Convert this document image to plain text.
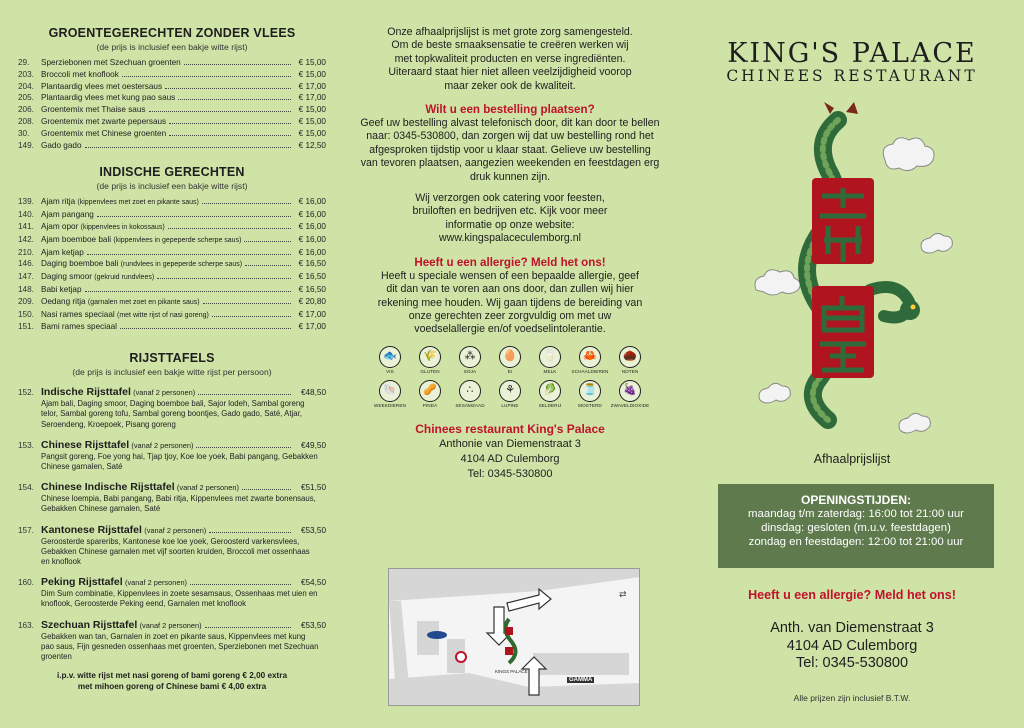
GROENTEGERECHTEN ZONDER VLEES
(de prijs is inclusief een bakje witte rijst)
29.	Sperziebonen met Szechuan groenten	€ 15,00
203. Broccoli met knoflook	€ 15,00
204. Plantaardig vlees met oestersaus	€ 17,00
205. Plantaardig vlees met kung pao saus	€ 17,00
206. Groentemix met Thaise saus	€ 15,00
208. Groentemix met zwarte pepersaus	€ 15,00
30.	Groentemix met Chinese groenten	€ 15,00
149. Gado gado	€ 12,50
INDISCHE GERECHTEN
(de prijs is inclusief een bakje witte rijst)
139. Ajam ritja (kippenvlees met zoet en pikante saus)	€ 16,00
140. Ajam pangang	€ 16,00
141. Ajam opor (kippenvlees in kokossaus)	€ 16,00
142. Ajam boemboe bali (kippenvlees in gepeperde scherpe saus)	€ 16,00
210. Ajam ketjap	€ 16,00
146. Daging boemboe bali (rundvlees in gepeperde scherpe saus)	€ 16,50
147. Daging smoor (gekruid rundvlees)	€ 16,50
148. Babi ketjap	€ 16,50
209. Oedang ritja (garnalen met zoet en pikante saus)	€ 20,80
150. Nasi rames speciaal (met witte rijst of nasi goreng)	€ 17,00
151. Bami rames speciaal	€ 17,00
RIJSTTAFELS
(de prijs is inclusief een bakje witte rijst per persoon)
152. Indische Rijsttafel (vanaf 2 personen)	€48,50
Ajam bali, Daging smoor, Daging boemboe bali, Sajor lodeh, Sambal goreng telor, Sambal goreng tofu, Sambal goreng boontjes, Gado gado, Saté, Atjar, Seroendeng, Kroepoek, Pisang goreng
153. Chinese Rijsttafel (vanaf 2 personen)	€49,50
Pangsit goreng, Foe yong hai, Tjap tjoy, Koe loe yoek, Babi pangang, Gebakken Chinese garnalen, Saté
154. Chinese Indische Rijsttafel (vanaf 2 personen)	€51,50
Chinese loempia, Babi pangang, Babi ritja, Kippenvlees met zwarte bonensaus, Gebakken Chinese garnalen, Saté
157. Kantonese Rijsttafel (vanaf 2 personen)	€53,50
Geroosterde spareribs, Kantonese koe loe yoek, Geroosterd varkensvlees, Gebakken Chinese garnalen met vijf soorten kruiden, Broccoli met ossenhaas en knoflook
160. Peking Rijsttafel (vanaf 2 personen)	€54,50
Dim Sum combinatie, Kippenvlees in zoete sesamsaus, Ossenhaas met uien en knoflook, Geroosterde Peking eend, Garnalen met knoflook
163. Szechuan Rijsttafel (vanaf 2 personen)	€53,50
Gebakken wan tan, Garnalen in zoet en pikante saus, Kippenvlees met kung pao saus, Fijn gesneden ossenhaas met groenten, Sperziebonen met Szechuan groenten
i.p.v. witte rijst met nasi goreng of bami goreng € 2,00 extra
met mihoen goreng of Chinese bami € 4,00 extra
Onze afhaalprijslijst is met grote zorg samengesteld. Om de beste smaaksensatie te creëren werken wij met topkwaliteit producten en verse ingrediënten. Uiteraard staat hier niet alleen veelzijdigheid voorop maar zeker ook de kwaliteit.
Wilt u een bestelling plaatsen?
Geef uw bestelling alvast telefonisch door, dit kan door te bellen naar: 0345-530800, dan zorgen wij dat uw bestelling rond het afgesproken tijdstip voor u klaar staat. Gelieve uw bestelling van tevoren plaatsen, aangezien weekenden en feestdagen erg druk kunnen zijn.
Wij verzorgen ook catering voor feesten, bruiloften en bedrijven etc. Kijk voor meer informatie op onze website: www.kingspalaceculemborg.nl
Heeft u een allergie? Meld het ons!
Heeft u speciale wensen of een bepaalde allergie, geef dit dan van te voren aan ons door, dan zullen wij hier rekening mee houden. Wij gaan tijdens de bereiding van onze gerechten zeer zorgvuldig om met uw voedselallergie en/of voedselintolerantie.
🐟
VIS
🌾
GLUTEN
⁂
SOJA
🥚
EI
🥛
MELK
🦀
SCHAALDIEREN
🌰
NOTEN
🐚
WEEKDIEREN
🥜
PINDA
∴
SESAMZAAD
⚘
LUPINE
🥬
SELDERIJ
🫙
MOSTERD
🍇
ZWAVELDIOXIDE
Chinees restaurant King's Palace
Anthonie van Diemenstraat 3
4104 AD Culemborg
Tel: 0345-530800
⇄
KINGS PALACE
GAMMA
KING'S PALACE
CHINEES RESTAURANT
Afhaalprijslijst
OPENINGSTIJDEN:
maandag t/m zaterdag: 16:00 tot 21:00 uur
dinsdag: gesloten (m.u.v. feestdagen)
zondag en feestdagen: 12:00 tot 21:00 uur
Heeft u een allergie? Meld het ons!
Anth. van Diemenstraat 3
4104 AD Culemborg
Tel: 0345-530800
Alle prijzen zijn inclusief B.T.W.
